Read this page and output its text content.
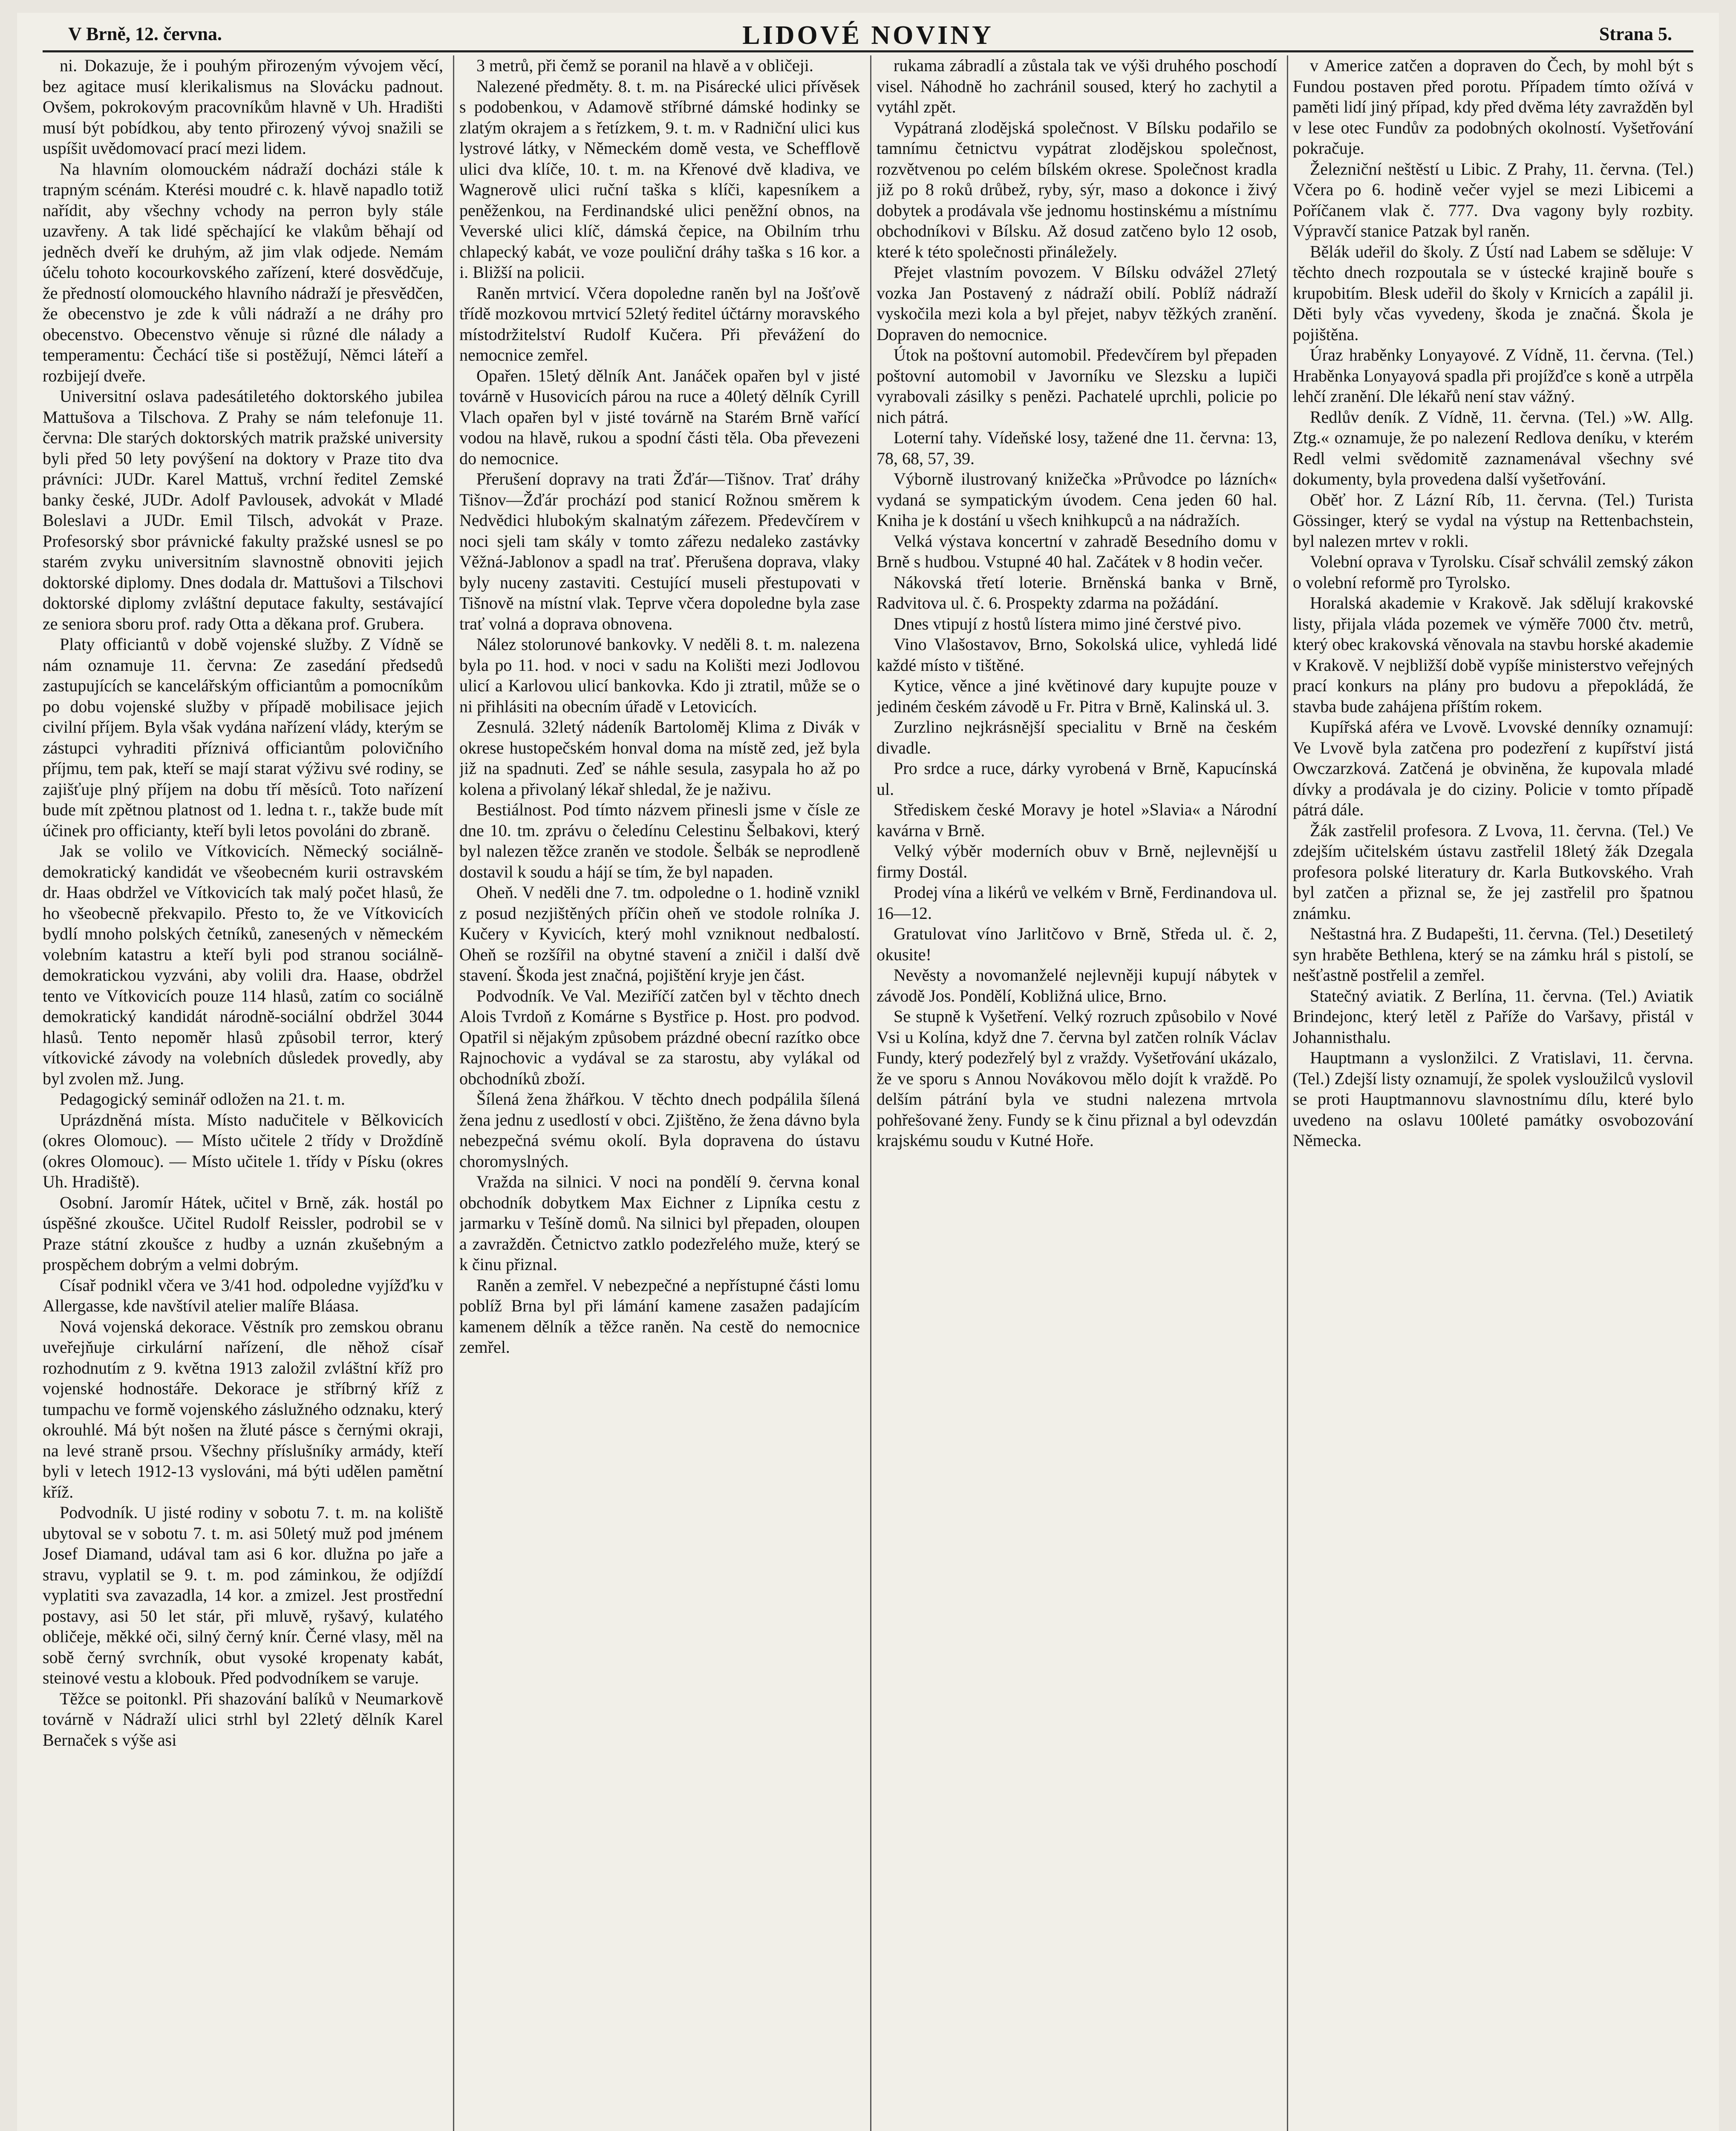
V Brně, 12. června.	LIDOVÉ NOVINY	Strana 5.

ni. Dokazuje, že i pouhým přirozeným vývojem věcí, bez agitace musí klerikalismus na Slovácku padnout. Ovšem, pokrokovým pracovníkům hlavně v Uh. Hradišti musí být pobídkou, aby tento přirozený vývoj snažili se uspíšit uvědomovací prací mezi lidem.

Na hlavním olomouckém nádraží docházi stále k trapným scénám. Kterési moudré c. k. hlavě napadlo totiž nařídit, aby všechny vchody na perron byly stále uzavřeny. A tak lidé spěchající ke vlakům běhají od jedněch dveří ke druhým, až jim vlak odjede. Nemám účelu tohoto kocourkovského zařízení, které dosvědčuje, že předností olomouckého hlavního nádraží je přesvědčen, že obecenstvo je zde k vůli nádraží a ne dráhy pro obecenstvo. Obecenstvo věnuje si různé dle nálady a temperamentu: Čechácí tiše si postěžují, Němci láteří a rozbijejí dveře.

Universitní oslava padesátiletého doktorského jubilea Mattušova a Tilschova. Z Prahy se nám telefonuje 11. června: Dle starých doktorských matrik pražské university byli před 50 lety povýšení na doktory v Praze tito dva právníci: JUDr. Karel Mattuš, vrchní ředitel Zemské banky české, JUDr. Adolf Pavlousek, advokát v Mladé Boleslavi a JUDr. Emil Tilsch, advokát v Praze. Profesorský sbor právnické fakulty pražské usnesl se po starém zvyku universitním slavnostně obnoviti jejich doktorské diplomy. Dnes dodala dr. Mattušovi a Tilschovi doktorské diplomy zvláštní deputace fakulty, sestávající ze seniora sboru prof. rady Otta a děkana prof. Grubera.

Platy officiantů v době vojenské služby. Z Vídně se nám oznamuje 11. června: Ze zasedání předsedů zastupujících se kancelářským officiantům a pomocníkům po dobu vojenské služby v případě mobilisace jejich civilní příjem. Byla však vydána nařízení vlády, kterým se zástupci vyhraditi příznivá officiantům polovičního příjmu, tem pak, kteří se mají starat výživu své rodiny, se zajišťuje plný příjem na dobu tří měsíců. Toto nařízení bude mít zpětnou platnost od 1. ledna t. r., takže bude mít účinek pro officianty, kteří byli letos povoláni do zbraně.

Jak se volilo ve Vítkovicích. Německý sociálně-demokratický kandidát ve všeobecném kurii ostravském dr. Haas obdržel ve Vítkovicích tak malý počet hlasů, že ho všeobecně překvapilo. Přesto to, že ve Vítkovicích bydlí mnoho polských četníků, zanesených v německém volebním katastru a kteří byli pod stranou sociálně-demokratickou vyzváni, aby volili dra. Haase, obdržel tento ve Vítkovicích pouze 114 hlasů, zatím co sociálně demokratický kandidát národně-sociální obdržel 3044 hlasů. Tento nepoměr hlasů způsobil terror, který vítkovické závody na volebních důsledek provedly, aby byl zvolen mž. Jung.

Pedagogický seminář odložen na 21. t. m.

Uprázdněná místa. Místo nadučitele v Bělkovicích (okres Olomouc). — Místo učitele 2 třídy v Droždíně (okres Olomouc). — Místo učitele 1. třídy v Písku (okres Uh. Hradiště).

Osobní. Jaromír Hátek, učitel v Brně, zák. hostál po úspěšné zkoušce. Učitel Rudolf Reissler, podrobil se v Praze státní zkoušce z hudby a uznán zkušebným a prospěchem dobrým a velmi dobrým.

Císař podnikl včera ve 3/41 hod. odpoledne vyjížďku v Allergasse, kde navštívil atelier malíře Bláasa.

Nová vojenská dekorace. Věstník pro zemskou obranu uveřejňuje cirkulární nařízení, dle něhož císař rozhodnutím z 9. května 1913 založil zvláštní kříž pro vojenské hodnostáře. Dekorace je stříbrný kříž z tumpachu ve formě vojenského záslužného odznaku, který okrouhlé. Má být nošen na žluté pásce s černými okraji, na levé straně prsou. Všechny příslušníky armády, kteří byli v letech 1912-13 vyslováni, má býti udělen pamětní kříž.

Podvodník. U jisté rodiny v sobotu 7. t. m. na koliště ubytoval se v sobotu 7. t. m. asi 50letý muž pod jménem Josef Diamand, udával tam asi 6 kor. dlužna po jaře a stravu, vyplatil se 9. t. m. pod záminkou, že odjíždí vyplatiti sva zavazadla, 14 kor. a zmizel. Jest prostřední postavy, asi 50 let stár, při mluvě, ryšavý, kulatého obličeje, měkké oči, silný černý knír. Černé vlasy, měl na sobě černý svrchník, obut vysoké kropenaty kabát, steinové vestu a klobouk. Před podvodníkem se varuje.

Těžce se poitonkl. Při shazování balíků v Neumarkově továrně v Nádraží ulici strhl byl 22letý dělník Karel Bernaček s výše asi

3 metrů, při čemž se poranil na hlavě a v obličeji.

Nalezené předměty. 8. t. m. na Pisárecké ulici přívěsek s podobenkou, v Adamově stříbrné dámské hodinky se zlatým okrajem a s řetízkem, 9. t. m. v Radniční ulici kus lystrové látky, v Německém domě vesta, ve Schefflově ulici dva klíče, 10. t. m. na Křenové dvě kladiva, ve Wagnerově ulici ruční taška s klíči, kapesníkem a peněženkou, na Ferdinandské ulici peněžní obnos, na Veverské ulici klíč, dámská čepice, na Obilním trhu chlapecký kabát, ve voze pouliční dráhy taška s 16 kor. a i. Bližší na policii.

Raněn mrtvicí. Včera dopoledne raněn byl na Jošťově třídě mozkovou mrtvicí 52letý ředitel účtárny moravského místodržitelství Rudolf Kučera. Při převážení do nemocnice zemřel.

Opařen. 15letý dělník Ant. Janáček opařen byl v jisté továrně v Husovicích párou na ruce a 40letý dělník Cyrill Vlach opařen byl v jisté továrně na Starém Brně vařící vodou na hlavě, rukou a spodní části těla. Oba převezeni do nemocnice.

Přerušení dopravy na trati Žďár—Tišnov. Trať dráhy Tišnov—Žďár prochází pod stanicí Rožnou směrem k Nedvědici hlubokým skalnatým zářezem. Předevčírem v noci sjeli tam skály v tomto zářezu nedaleko zastávky Věžná-Jablonov a spadl na trať. Přerušena doprava, vlaky byly nuceny zastaviti. Cestující museli přestupovati v Tišnově na místní vlak. Teprve včera dopoledne byla zase trať volná a doprava obnovena.

Nález stolorunové bankovky. V neděli 8. t. m. nalezena byla po 11. hod. v noci v sadu na Kolišti mezi Jodlovou ulicí a Karlovou ulicí bankovka. Kdo ji ztratil, může se o ni přihlásiti na obecním úřadě v Letovicích.

Zesnulá. 32letý nádeník Bartoloměj Klima z Divák v okrese hustopečském honval doma na místě zed, jež byla již na spadnuti. Zeď se náhle sesula, zasypala ho až po kolena a přivolaný lékař shledal, že je naživu.

Bestiálnost. Pod tímto názvem přinesli jsme v čísle ze dne 10. tm. zprávu o čeledínu Celestinu Šelbakovi, který byl nalezen těžce zraněn ve stodole. Šelbák se neprodleně dostavil k soudu a hájí se tím, že byl napaden.

Oheň. V neděli dne 7. tm. odpoledne o 1. hodině vznikl z posud nezjištěných příčin oheň ve stodole rolníka J. Kučery v Kyvicích, který mohl vzniknout nedbalostí. Oheň se rozšířil na obytné stavení a zničil i další dvě stavení. Škoda jest značná, pojištění kryje jen část.

Podvodník. Ve Val. Meziříčí zatčen byl v těchto dnech Alois Tvrdoň z Komárne s Bystřice p. Host. pro podvod. Opatřil si nějakým způsobem prázdné obecní razítko obce Rajnochovic a vydával se za starostu, aby vylákal od obchodníků zboží.

Šílená žena žhářkou. V těchto dnech podpálila šílená žena jednu z usedlostí v obci. Zjištěno, že žena dávno byla nebezpečná svému okolí. Byla dopravena do ústavu choromyslných.

Vražda na silnici. V noci na pondělí 9. června konal obchodník dobytkem Max Eichner z Lipníka cestu z jarmarku v Tešíně domů. Na silnici byl přepaden, oloupen a zavražděn. Četnictvo zatklo podezřelého muže, který se k činu přiznal.

Raněn a zemřel. V nebezpečné a nepřístupné části lomu poblíž Brna byl při lámání kamene zasažen padajícím kamenem dělník a těžce raněn. Na cestě do nemocnice zemřel.

rukama zábradlí a zůstala tak ve výši druhého poschodí visel. Náhodně ho zachránil soused, který ho zachytil a vytáhl zpět.

Vypátraná zlodějská společnost. V Bílsku podařilo se tamnímu četnictvu vypátrat zlodějskou společnost, rozvětvenou po celém bílském okrese. Společnost kradla již po 8 roků drůbež, ryby, sýr, maso a dokonce i živý dobytek a prodávala vše jednomu hostinskému a místnímu obchodníkovi v Bílsku. Až dosud zatčeno bylo 12 osob, které k této společnosti přináležely.

Přejet vlastním povozem. V Bílsku odvážel 27letý vozka Jan Postavený z nádraží obilí. Poblíž nádraží vyskočila mezi kola a byl přejet, nabyv těžkých zranění. Dopraven do nemocnice.

Útok na poštovní automobil. Předevčírem byl přepaden poštovní automobil v Javorníku ve Slezsku a lupiči vyrabovali zásilky s penězi. Pachatelé uprchli, policie po nich pátrá.

Loterní tahy. Vídeňské losy, tažené dne 11. června: 13, 78, 68, 57, 39.

Výborně ilustrovaný knižečka »Průvodce po lázních« vydaná se sympatickým úvodem. Cena jeden 60 hal. Kniha je k dostání u všech knihkupců a na nádražích.

Velká výstava koncertní v zahradě Besedního domu v Brně s hudbou. Vstupné 40 hal. Začátek v 8 hodin večer.

Nákovská třetí loterie. Brněnská banka v Brně, Radvitova ul. č. 6. Prospekty zdarma na požádání.

Dnes vtipují z hostů lístera mimo jiné čerstvé pivo.

Vino Vlašostavov, Brno, Sokolská ulice, vyhledá lidé každé místo v tištěné.

Kytice, věnce a jiné květinové dary kupujte pouze v jediném českém závodě u Fr. Pitra v Brně, Kalinská ul. 3.

Zurzlino nejkrásnější specialitu v Brně na českém divadle.

Pro srdce a ruce, dárky vyrobená v Brně, Kapucínská ul.

Střediskem české Moravy je hotel »Slavia« a Národní kavárna v Brně.

Velký výběr moderních obuv v Brně, nejlevnější u firmy Dostál.

Prodej vína a likérů ve velkém v Brně, Ferdinandova ul. 16—12.

Gratulovat víno Jarlitčovo v Brně, Středa ul. č. 2, okusite!

Nevěsty a novomanželé nejlevněji kupují nábytek v závodě Jos. Pondělí, Kobližná ulice, Brno.

Se stupně k Vyšetření. Velký rozruch způsobilo v Nové Vsi u Kolína, když dne 7. června byl zatčen rolník Václav Fundy, který podezřelý byl z vraždy. Vyšetřování ukázalo, že ve sporu s Annou Novákovou mělo dojít k vraždě. Po delším pátrání byla ve studni nalezena mrtvola pohřešované ženy. Fundy se k činu přiznal a byl odevzdán krajskému soudu v Kutné Hoře.

v Americe zatčen a dopraven do Čech, by mohl být s Fundou postaven před porotu. Případem tímto ožívá v paměti lidí jiný případ, kdy před dvěma léty zavražděn byl v lese otec Fundův za podobných okolností. Vyšetřování pokračuje.

Železniční neštěstí u Libic. Z Prahy, 11. června. (Tel.) Včera po 6. hodině večer vyjel se mezi Libicemi a Poříčanem vlak č. 777. Dva vagony byly rozbity. Výpravčí stanice Patzak byl raněn.

Bělák udeřil do školy. Z Ústí nad Labem se sděluje: V těchto dnech rozpoutala se v ústecké krajině bouře s krupobitím. Blesk udeřil do školy v Krnicích a zapálil ji. Děti byly včas vyvedeny, škoda je značná. Škola je pojištěna.

Úraz hraběnky Lonyayové. Z Vídně, 11. června. (Tel.) Hraběnka Lonyayová spadla při projížďce s koně a utrpěla lehčí zranění. Dle lékařů není stav vážný.

Redlův deník. Z Vídně, 11. června. (Tel.) »W. Allg. Ztg.« oznamuje, že po nalezení Redlova deníku, v kterém Redl velmi svědomitě zaznamenával všechny své dokumenty, byla provedena další vyšetřování.

Oběť hor. Z Lázní Ríb, 11. června. (Tel.) Turista Gössinger, který se vydal na výstup na Rettenbachstein, byl nalezen mrtev v rokli.

Volební oprava v Tyrolsku. Císař schválil zemský zákon o volební reformě pro Tyrolsko.

Horalská akademie v Krakově. Jak sdělují krakovské listy, přijala vláda pozemek ve výměře 7000 čtv. metrů, který obec krakovská věnovala na stavbu horské akademie v Krakově. V nejbližší době vypíše ministerstvo veřejných prací konkurs na plány pro budovu a přepokládá, že stavba bude zahájena příštím rokem.

Kupířská aféra ve Lvově. Lvovské denníky oznamují: Ve Lvově byla zatčena pro podezření z kupířství jistá Owczarzková. Zatčená je obviněna, že kupovala mladé dívky a prodávala je do ciziny. Policie v tomto případě pátrá dále.

Žák zastřelil profesora. Z Lvova, 11. června. (Tel.) Ve zdejším učitelském ústavu zastřelil 18letý žák Dzegala profesora polské literatury dr. Karla Butkovského. Vrah byl zatčen a přiznal se, že jej zastřelil pro špatnou známku.

Neštastná hra. Z Budapešti, 11. června. (Tel.) Desetiletý syn hraběte Bethlena, který se na zámku hrál s pistolí, se nešťastně postřelil a zemřel.

Statečný aviatik. Z Berlína, 11. června. (Tel.) Aviatik Brindejonc, který letěl z Paříže do Varšavy, přistál v Johannisthalu.

Hauptmann a vyslonžilci. Z Vratislavi, 11. června. (Tel.) Zdejší listy oznamují, že spolek vysloužilců vyslovil se proti Hauptmannovu slavnostnímu dílu, které bylo uvedeno na oslavu 100leté památky osvobozování Německa.
